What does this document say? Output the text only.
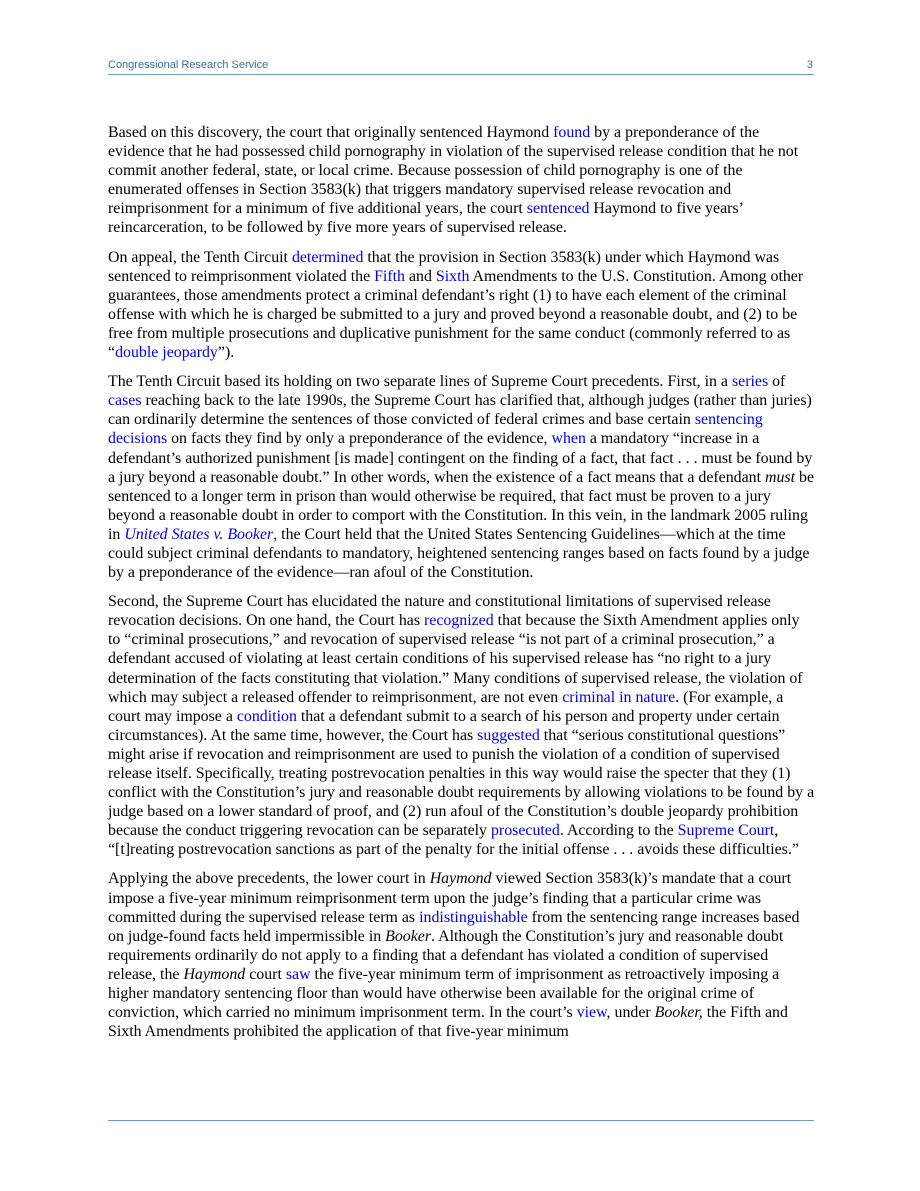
Congressional Research Service	3

Based on this discovery, the court that originally sentenced Haymond found by a preponderance of the evidence that he had possessed child pornography in violation of the supervised release condition that he not commit another federal, state, or local crime. Because possession of child pornography is one of the enumerated offenses in Section 3583(k) that triggers mandatory supervised release revocation and reimprisonment for a minimum of five additional years, the court sentenced Haymond to five years’ reincarceration, to be followed by five more years of supervised release.

On appeal, the Tenth Circuit determined that the provision in Section 3583(k) under which Haymond was sentenced to reimprisonment violated the Fifth and Sixth Amendments to the U.S. Constitution. Among other guarantees, those amendments protect a criminal defendant’s right (1) to have each element of the criminal offense with which he is charged be submitted to a jury and proved beyond a reasonable doubt, and (2) to be free from multiple prosecutions and duplicative punishment for the same conduct (commonly referred to as “double jeopardy”).

The Tenth Circuit based its holding on two separate lines of Supreme Court precedents. First, in a series of cases reaching back to the late 1990s, the Supreme Court has clarified that, although judges (rather than juries) can ordinarily determine the sentences of those convicted of federal crimes and base certain sentencing decisions on facts they find by only a preponderance of the evidence, when a mandatory “increase in a defendant’s authorized punishment [is made] contingent on the finding of a fact, that fact . . . must be found by a jury beyond a reasonable doubt.” In other words, when the existence of a fact means that a defendant must be sentenced to a longer term in prison than would otherwise be required, that fact must be proven to a jury beyond a reasonable doubt in order to comport with the Constitution. In this vein, in the landmark 2005 ruling in United States v. Booker, the Court held that the United States Sentencing Guidelines—which at the time could subject criminal defendants to mandatory, heightened sentencing ranges based on facts found by a judge by a preponderance of the evidence—ran afoul of the Constitution.

Second, the Supreme Court has elucidated the nature and constitutional limitations of supervised release revocation decisions. On one hand, the Court has recognized that because the Sixth Amendment applies only to “criminal prosecutions,” and revocation of supervised release “is not part of a criminal prosecution,” a defendant accused of violating at least certain conditions of his supervised release has “no right to a jury determination of the facts constituting that violation.” Many conditions of supervised release, the violation of which may subject a released offender to reimprisonment, are not even criminal in nature. (For example, a court may impose a condition that a defendant submit to a search of his person and property under certain circumstances). At the same time, however, the Court has suggested that “serious constitutional questions” might arise if revocation and reimprisonment are used to punish the violation of a condition of supervised release itself. Specifically, treating postrevocation penalties in this way would raise the specter that they (1) conflict with the Constitution’s jury and reasonable doubt requirements by allowing violations to be found by a judge based on a lower standard of proof, and (2) run afoul of the Constitution’s double jeopardy prohibition because the conduct triggering revocation can be separately prosecuted. According to the Supreme Court, “[t]reating postrevocation sanctions as part of the penalty for the initial offense . . . avoids these difficulties.”

Applying the above precedents, the lower court in Haymond viewed Section 3583(k)’s mandate that a court impose a five-year minimum reimprisonment term upon the judge’s finding that a particular crime was committed during the supervised release term as indistinguishable from the sentencing range increases based on judge-found facts held impermissible in Booker. Although the Constitution’s jury and reasonable doubt requirements ordinarily do not apply to a finding that a defendant has violated a condition of supervised release, the Haymond court saw the five-year minimum term of imprisonment as retroactively imposing a higher mandatory sentencing floor than would have otherwise been available for the original crime of conviction, which carried no minimum imprisonment term. In the court’s view, under Booker, the Fifth and Sixth Amendments prohibited the application of that five-year minimum
